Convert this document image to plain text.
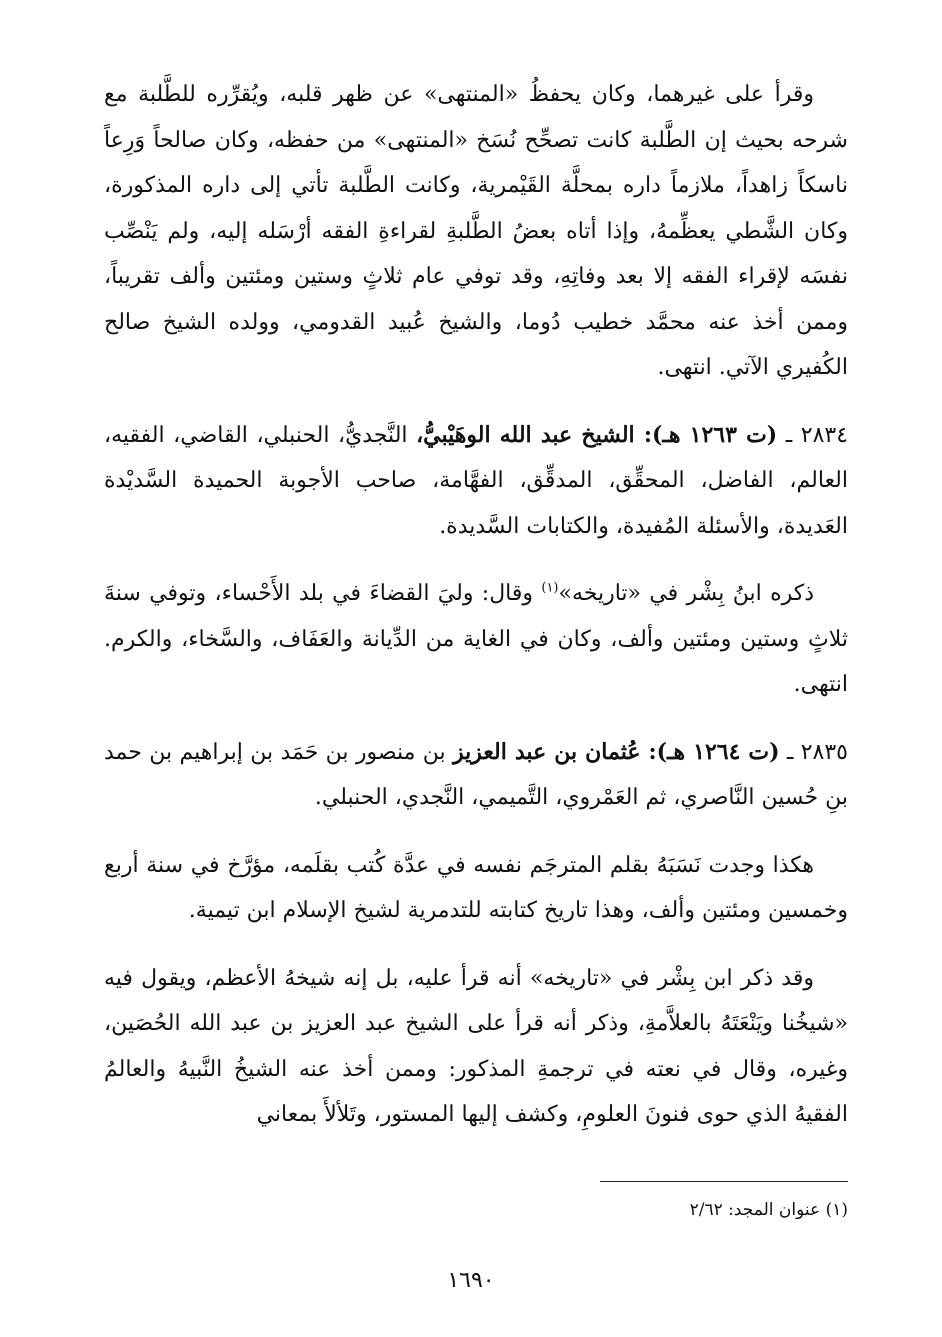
وقرأ على غيرهما، وكان يحفظُ «المنتهى» عن ظهر قلبه، ويُقرِّره للطَّلبة مع شرحه بحيث إن الطَّلبة كانت تصحِّح نُسَخ «المنتهى» من حفظه، وكان صالحاً وَرِعاً ناسكاً زاهداً، ملازماً داره بمحلَّة القَيْمرية، وكانت الطَّلبة تأتي إلى داره المذكورة، وكان الشَّطي يعظِّمهُ، وإذا أتاه بعضُ الطَّلبةِ لقراءةِ الفقه أرْسَله إليه، ولم يَنْصِّب نفسَه لإقراء الفقه إلا بعد وفاتِهِ، وقد توفي عام ثلاثٍ وستين ومئتين وألف تقريباً، وممن أخذ عنه محمَّد خطيب دُوما، والشيخ عُبيد القدومي، وولده الشيخ صالح الكُفيري الآتي. انتهى.

٢٨٣٤ ـ (ت ١٢٦٣ هـ): الشيخ عبد الله الوهَيْبيُّ، النَّجديُّ، الحنبلي، القاضي، الفقيه، العالم، الفاضل، المحقِّق، المدقِّق، الفهَّامة، صاحب الأجوبة الحميدة السَّديْدة العَديدة، والأسئلة المُفيدة، والكتابات السَّديدة.

ذكره ابنُ بِشْر في «تاريخه»$^{(١)}$ وقال: وليَ القضاءَ في بلد الأَحْساء، وتوفي سنةَ ثلاثٍ وستين ومئتين وألف، وكان في الغاية من الدِّيانة والعَفَاف، والسَّخاء، والكرم. انتهى.

٢٨٣٥ ـ (ت ١٢٦٤ هـ): عُثمان بن عبد العزيز بن منصور بن حَمَد بن إبراهيم بن حمد بنِ حُسين النَّاصري، ثم العَمْروي، التَّميمي، النَّجدي، الحنبلي.

هكذا وجدت نَسَبَهُ بقلم المترجَم نفسه في عدَّة كُتب بقلَمه، مؤرَّخ في سنة أربع وخمسين ومئتين وألف، وهذا تاريخ كتابته للتدمرية لشيخ الإسلام ابن تيمية.

وقد ذكر ابن بِشْر في «تاريخه» أنه قرأ عليه، بل إنه شيخهُ الأعظم، ويقول فيه «شيخُنا ويَنْعَتَهُ بالعلاَّمةِ، وذكر أنه قرأ على الشيخ عبد العزيز بن عبد الله الحُصَين، وغيره، وقال في نعته في ترجمةِ المذكور: وممن أخذ عنه الشيخُ النَّبيهُ والعالمُ الفقيهُ الذي حوى فنونَ العلومِ، وكشف إليها المستور، وتَلألأَ بمعاني

(١) عنوان المجد: ٢/٦٢

١٦٩٠
